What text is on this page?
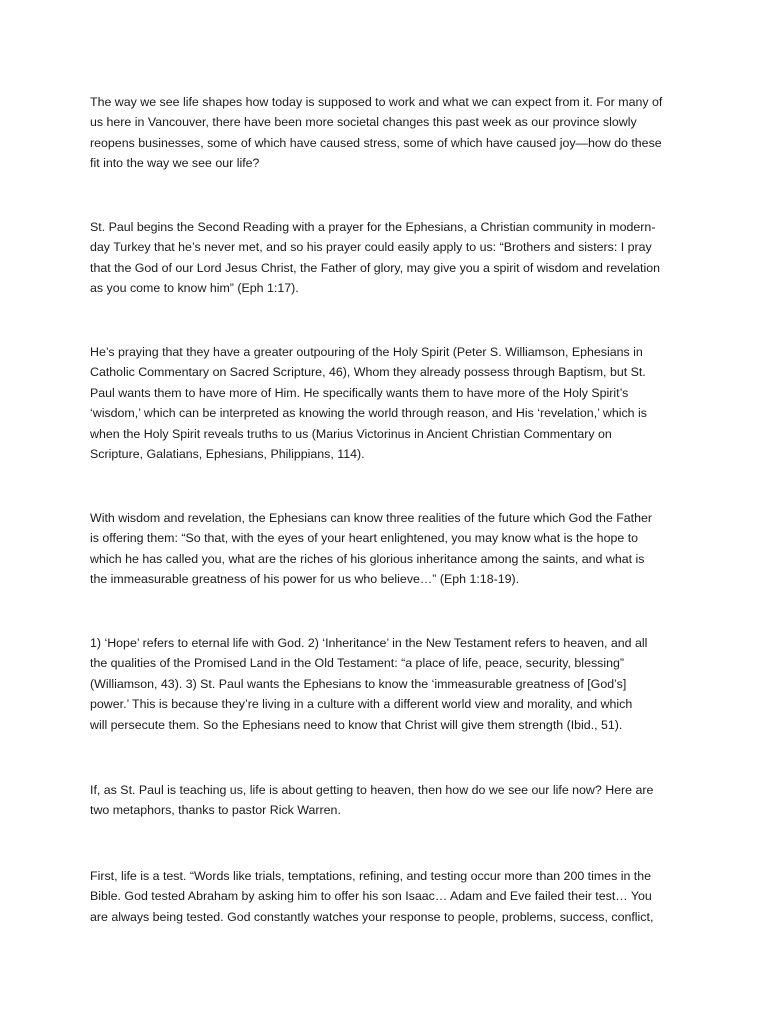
The way we see life shapes how today is supposed to work and what we can expect from it. For many of
us here in Vancouver, there have been more societal changes this past week as our province slowly
reopens businesses, some of which have caused stress, some of which have caused joy—how do these
fit into the way we see our life?

St. Paul begins the Second Reading with a prayer for the Ephesians, a Christian community in modern-
day Turkey that he’s never met, and so his prayer could easily apply to us: “Brothers and sisters: I pray
that the God of our Lord Jesus Christ, the Father of glory, may give you a spirit of wisdom and revelation
as you come to know him” (Eph 1:17).

He’s praying that they have a greater outpouring of the Holy Spirit (Peter S. Williamson, Ephesians in
Catholic Commentary on Sacred Scripture, 46), Whom they already possess through Baptism, but St.
Paul wants them to have more of Him. He specifically wants them to have more of the Holy Spirit’s
‘wisdom,’ which can be interpreted as knowing the world through reason, and His ‘revelation,’ which is
when the Holy Spirit reveals truths to us (Marius Victorinus in Ancient Christian Commentary on
Scripture, Galatians, Ephesians, Philippians, 114).

With wisdom and revelation, the Ephesians can know three realities of the future which God the Father
is offering them: “So that, with the eyes of your heart enlightened, you may know what is the hope to
which he has called you, what are the riches of his glorious inheritance among the saints, and what is
the immeasurable greatness of his power for us who believe…” (Eph 1:18-19).

1) ‘Hope’ refers to eternal life with God. 2) ‘Inheritance’ in the New Testament refers to heaven, and all
the qualities of the Promised Land in the Old Testament: “a place of life, peace, security, blessing”
(Williamson, 43). 3) St. Paul wants the Ephesians to know the ‘immeasurable greatness of [God’s]
power.’ This is because they’re living in a culture with a different world view and morality, and which
will persecute them. So the Ephesians need to know that Christ will give them strength (Ibid., 51).

If, as St. Paul is teaching us, life is about getting to heaven, then how do we see our life now? Here are
two metaphors, thanks to pastor Rick Warren.

First, life is a test. “Words like trials, temptations, refining, and testing occur more than 200 times in the
Bible. God tested Abraham by asking him to offer his son Isaac… Adam and Eve failed their test… You
are always being tested. God constantly watches your response to people, problems, success, conflict,
